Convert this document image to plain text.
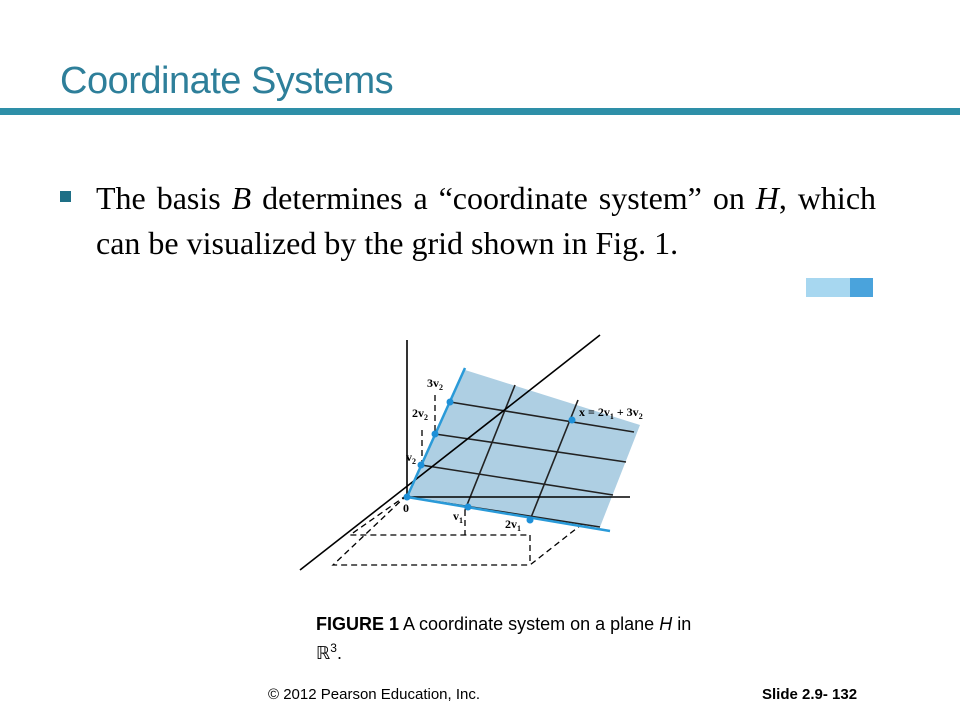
Coordinate Systems
The basis B determines a “coordinate system” on H, which can be visualized by the grid shown in Fig. 1.
0
$v_1$	$2v_1$
$v_2$
$2v_2$
$3v_2$
$x = 2v_1 + 3v_2$
FIGURE 1 A coordinate system on a plane H in ℝ$^3$.
© 2012 Pearson Education, Inc.	Slide 2.9- 132
